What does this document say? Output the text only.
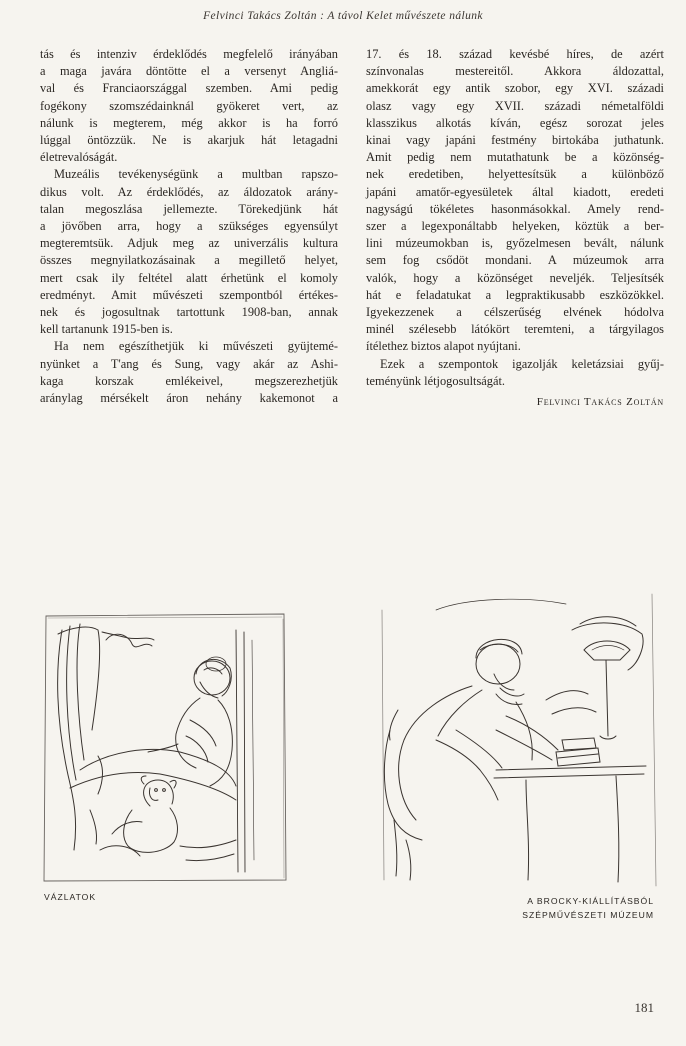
Felvinci Takács Zoltán : A távol Kelet művészete nálunk

tás és intenziv érdeklődés megfelelő irányában
a maga javára döntötte el a versenyt Angliá-
val és Franciaországgal szemben. Ami pedig
fogékony szomszédainknál gyökeret vert, az
nálunk is megterem, még akkor is ha forró
lúggal öntözzük. Ne is akarjuk hát letagadni
életrevalóságát.

Muzeális tevékenységünk a multban rapszo-
dikus volt. Az érdeklődés, az áldozatok arány-
talan megoszlása jellemezte. Törekedjünk hát
a jövőben arra, hogy a szükséges egyensúlyt
megteremtsük. Adjuk meg az univerzális kultura
összes megnyilatkozásainak a megillető helyet,
mert csak ily feltétel alatt érhetünk el komoly
eredményt. Amit művészeti szempontból értékes-
nek és jogosultnak tartottunk 1908-ban, annak
kell tartanunk 1915-ben is.

Ha nem egészíthetjük ki művészeti gyüjtemé-
nyünket a T'ang és Sung, vagy akár az Ashi-
kaga korszak emlékeivel, megszerezhetjük
aránylag mérsékelt áron nehány kakemonot a

17. és 18. század kevésbé híres, de azért
színvonalas mestereitől. Akkora áldozattal,
amekkorát egy antik szobor, egy XVI. századi
olasz vagy egy XVII. századi németalföldi
klasszikus alkotás kíván, egész sorozat jeles
kinai vagy japáni festmény birtokába juthatunk.
Amit pedig nem mutathatunk be a közönség-
nek eredetiben, helyettesítsük a különböző
japáni amatőr-egyesületek által kiadott, eredeti
nagyságú tökéletes hasonmásokkal. Amely rend-
szer a legexponáltabb helyeken, köztük a ber-
lini múzeumokban is, győzelmesen bevált, nálunk
sem fog csődöt mondani. A múzeumok arra
valók, hogy a közönséget neveljék. Teljesítsék
hát e feladatukat a legpraktikusabb eszközökkel.
Igyekezzenek a célszerűség elvének hódolva
minél szélesebb látókört teremteni, a tárgyilagos
ítélethez biztos alapot nyújtani.

Ezek a szempontok igazolják keletázsiai gyűj-
teményünk létjogosultságát.

Felvinci Takács Zoltán
VÁZLATOK	A BROCKY-KIÁLLÍTÁSBÓL
SZÉPMŰVÉSZETI MÚZEUM
181
